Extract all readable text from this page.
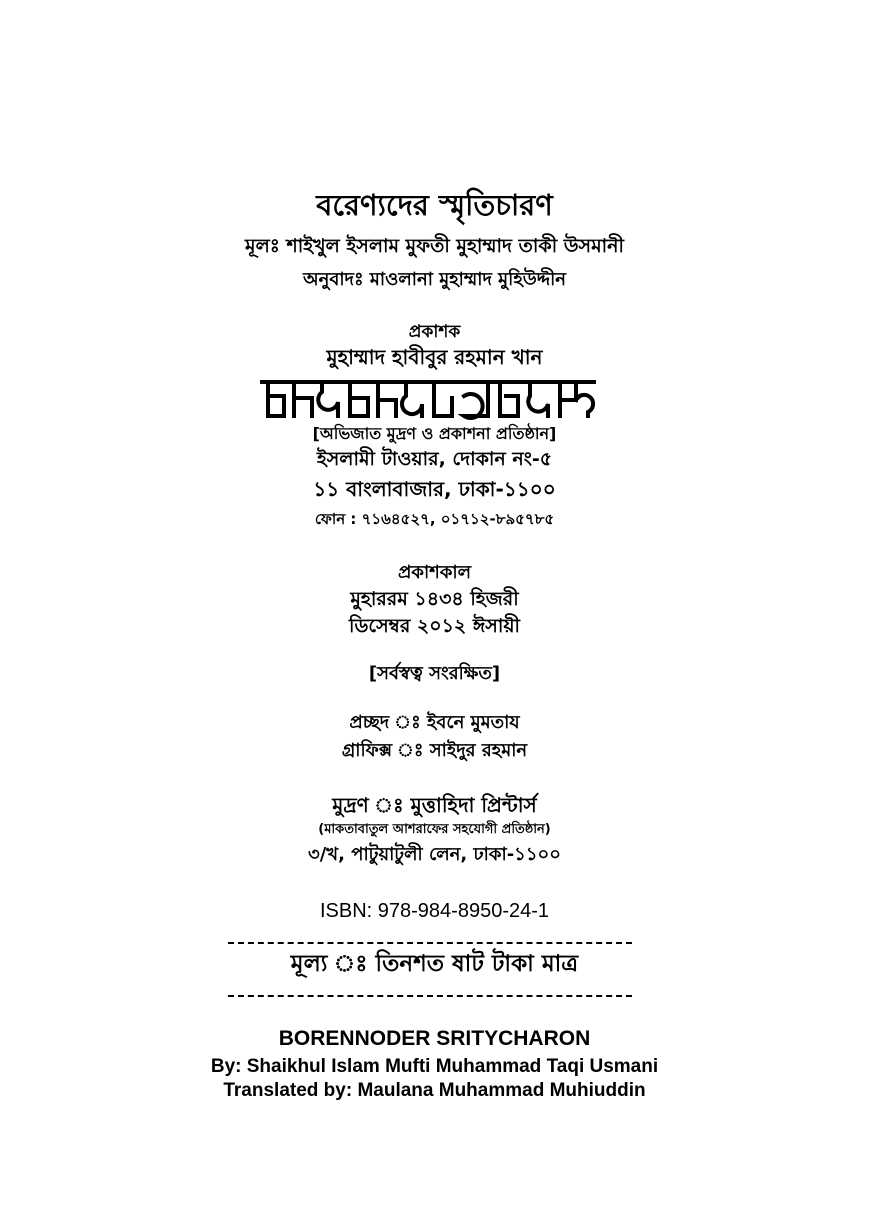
বরেণ্যদের স্মৃতিচারণ
মূলঃ শাইখুল ইসলাম মুফতী মুহাম্মাদ তাকী উসমানী
অনুবাদঃ মাওলানা মুহাম্মাদ মুহিউদ্দীন
প্রকাশক
মুহাম্মাদ হাবীবুর রহমান খান
[অভিজাত মুদ্রণ ও প্রকাশনা প্রতিষ্ঠান]
ইসলামী টাওয়ার, দোকান নং-৫
১১ বাংলাবাজার, ঢাকা-১১০০
ফোন : ৭১৬৪৫২৭, ০১৭১২-৮৯৫৭৮৫
প্রকাশকাল
মুহাররম ১৪৩৪ হিজরী
ডিসেম্বর ২০১২ ঈসায়ী
[সর্বস্বত্ব সংরক্ষিত]
প্রচ্ছদ ঃ ইবনে মুমতায
গ্রাফিক্স ঃ সাইদুর রহমান
মুদ্রণ ঃ মুত্তাহিদা প্রিন্টার্স
(মাকতাবাতুল আশরাফের সহযোগী প্রতিষ্ঠান)
৩/খ, পাটুয়াটুলী লেন, ঢাকা-১১০০
ISBN: 978-984-8950-24-1
মূল্য ঃ তিনশত ষাট টাকা মাত্র
BORENNODER SRITYCHARON
By: Shaikhul Islam Mufti Muhammad Taqi Usmani
Translated by: Maulana Muhammad Muhiuddin
